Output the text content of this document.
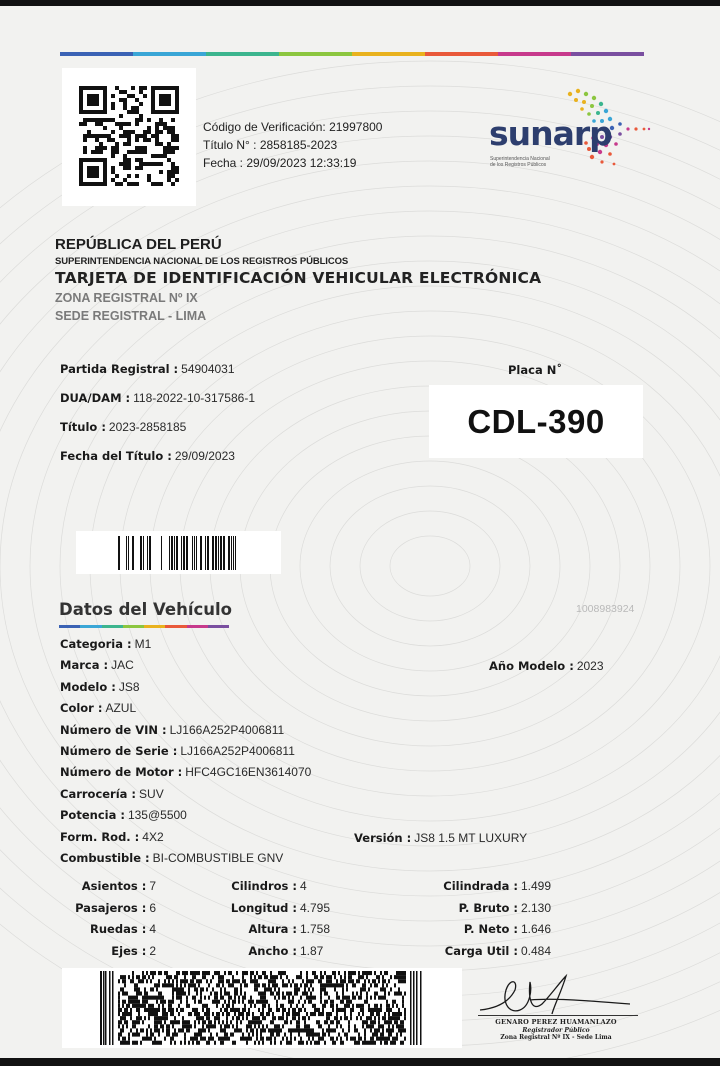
Código de Verificación: 21997800
Título N° : 2858185-2023
Fecha : 29/09/2023 12:33:19
sunarp
Superintendencia Nacional
de los Registros Públicos
REPÚBLICA DEL PERÚ
SUPERINTENDENCIA NACIONAL DE LOS REGISTROS PÚBLICOS
TARJETA DE IDENTIFICACIÓN VEHICULAR ELECTRÓNICA
ZONA REGISTRAL Nº IX
SEDE REGISTRAL - LIMA
Partida Registral : 54904031
DUA/DAM : 118-2022-10-317586-1
Título : 2023-2858185
Fecha del Título : 29/09/2023
Placa N˚
CDL-390
Datos del Vehículo	1008983924
Categoria : M1
Marca : JAC
Modelo : JS8
Color : AZUL
Número de VIN : LJ166A252P4006811
Número de Serie : LJ166A252P4006811
Número de Motor : HFC4GC16EN3614070
Carrocería : SUV
Potencia : 135@5500
Form. Rod. : 4X2
Combustible : BI-COMBUSTIBLE GNV
Año Modelo : 2023
Versión : JS8 1.5 MT LUXURY
Asientos : 7
Pasajeros : 6
Ruedas : 4
Ejes : 2
Cilindros : 4
Longitud : 4.795
Altura : 1.758
Ancho : 1.87
Cilindrada : 1.499
P. Bruto : 2.130
P. Neto : 1.646
Carga Util : 0.484
GENARO PEREZ HUAMANLAZO
Registrador Público
Zona Registral Nº IX - Sede Lima
